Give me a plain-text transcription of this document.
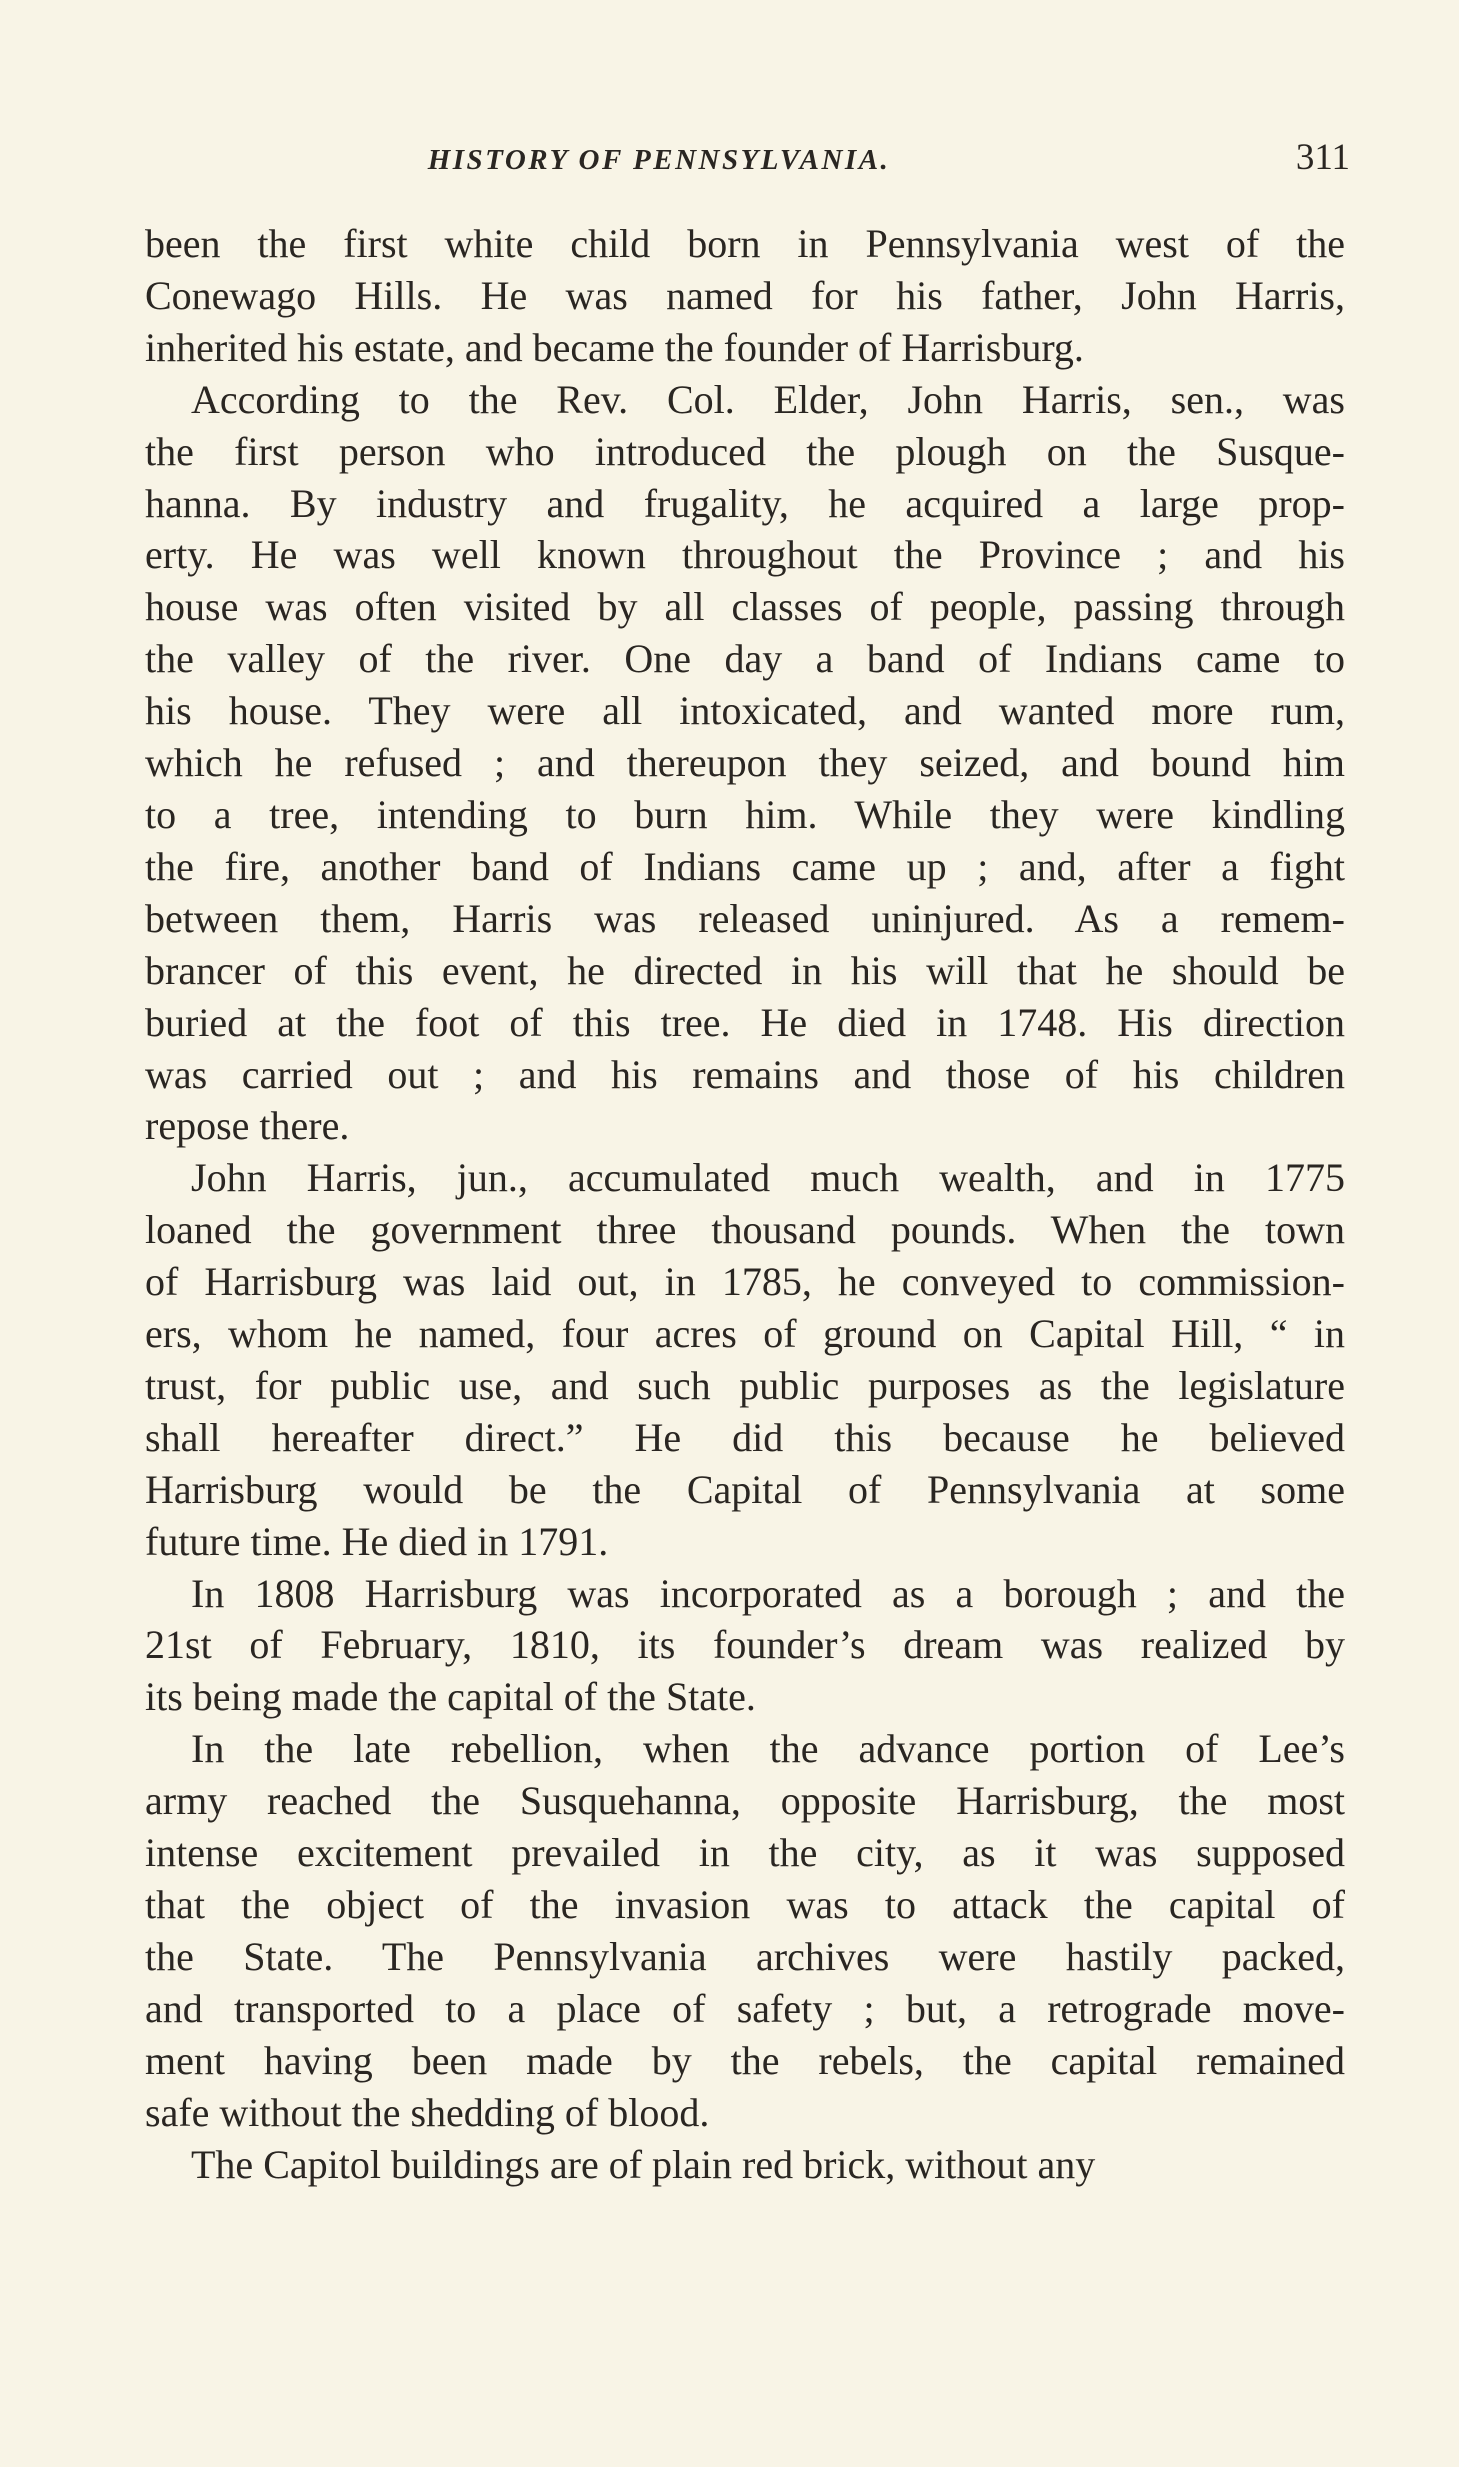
HISTORY OF PENNSYLVANIA.	311
been the first white child born in Pennsylvania west of the
Conewago Hills. He was named for his father, John Harris,
inherited his estate, and became the founder of Harrisburg.
According to the Rev. Col. Elder, John Harris, sen., was
the first person who introduced the plough on the Susque-
hanna. By industry and frugality, he acquired a large prop-
erty. He was well known throughout the Province ; and his
house was often visited by all classes of people, passing through
the valley of the river. One day a band of Indians came to
his house. They were all intoxicated, and wanted more rum,
which he refused ; and thereupon they seized, and bound him
to a tree, intending to burn him. While they were kindling
the fire, another band of Indians came up ; and, after a fight
between them, Harris was released uninjured. As a remem-
brancer of this event, he directed in his will that he should be
buried at the foot of this tree. He died in 1748. His direction
was carried out ; and his remains and those of his children
repose there.
John Harris, jun., accumulated much wealth, and in 1775
loaned the government three thousand pounds. When the town
of Harrisburg was laid out, in 1785, he conveyed to commission-
ers, whom he named, four acres of ground on Capital Hill, “ in
trust, for public use, and such public purposes as the legislature
shall hereafter direct.” He did this because he believed
Harrisburg would be the Capital of Pennsylvania at some
future time. He died in 1791.
In 1808 Harrisburg was incorporated as a borough ; and the
21st of February, 1810, its founder’s dream was realized by
its being made the capital of the State.
In the late rebellion, when the advance portion of Lee’s
army reached the Susquehanna, opposite Harrisburg, the most
intense excitement prevailed in the city, as it was supposed
that the object of the invasion was to attack the capital of
the State. The Pennsylvania archives were hastily packed,
and transported to a place of safety ; but, a retrograde move-
ment having been made by the rebels, the capital remained
safe without the shedding of blood.
The Capitol buildings are of plain red brick, without any
